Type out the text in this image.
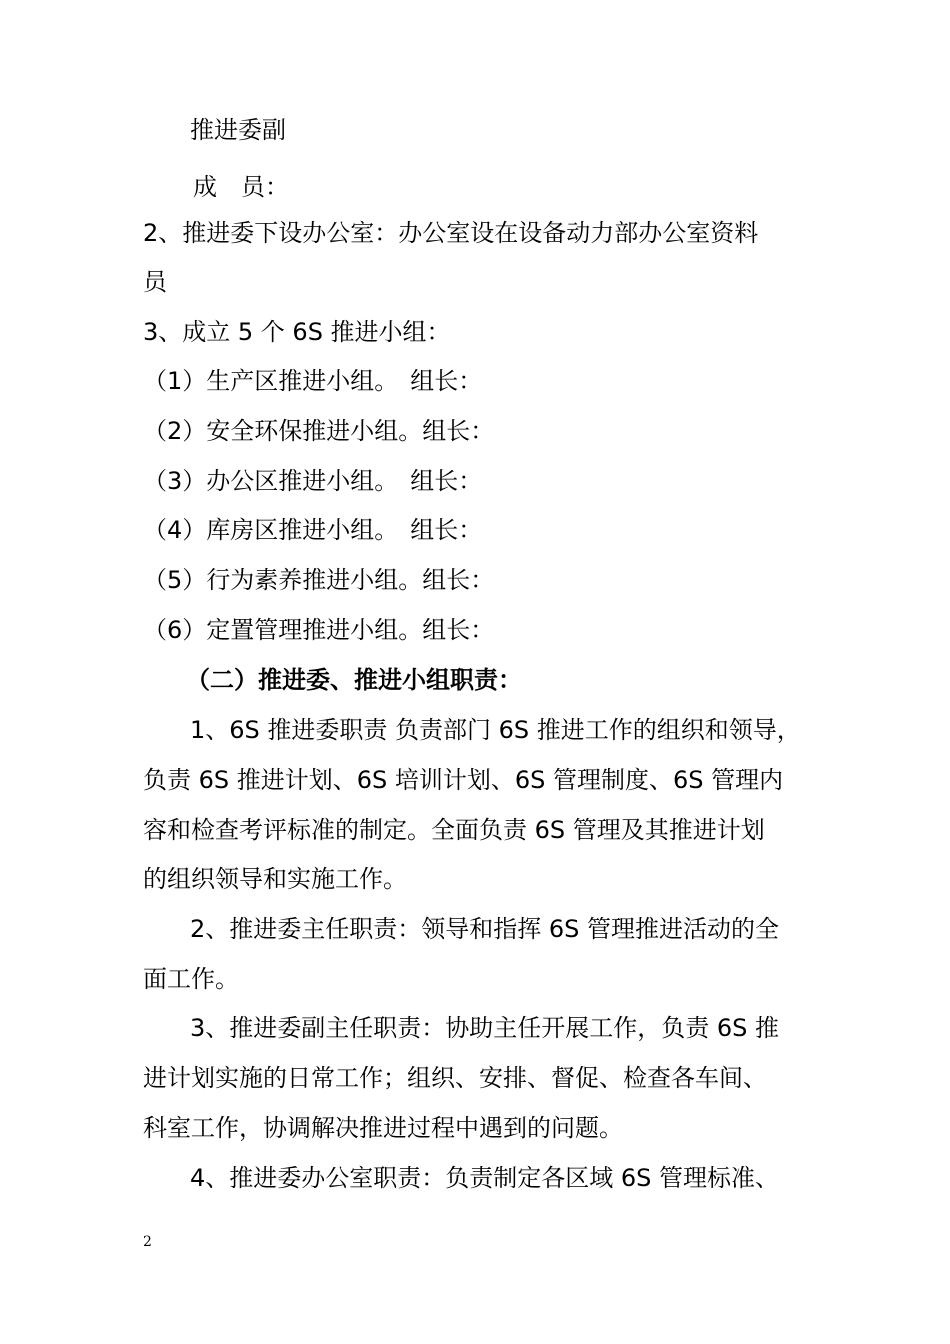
推进委副
成　员：
2、推进委下设办公室：办公室设在设备动力部办公室资料
员
3、成立 5 个 6S 推进小组：
（1）生产区推进小组。　组长：
（2）安全环保推进小组。组长：
（3）办公区推进小组。　组长：
（4）库房区推进小组。　组长：
（5）行为素养推进小组。组长：
（6）定置管理推进小组。组长：
（二）推进委、推进小组职责：
1、6S 推进委职责 负责部门 6S 推进工作的组织和领导，
负责 6S 推进计划、6S 培训计划、6S 管理制度、6S 管理内
容和检查考评标准的制定。全面负责 6S 管理及其推进计划
的组织领导和实施工作。
2、推进委主任职责：领导和指挥 6S 管理推进活动的全
面工作。
3、推进委副主任职责：协助主任开展工作，负责 6S 推
进计划实施的日常工作；组织、安排、督促、检查各车间、
科室工作，协调解决推进过程中遇到的问题。
4、推进委办公室职责：负责制定各区域 6S 管理标准、
2
